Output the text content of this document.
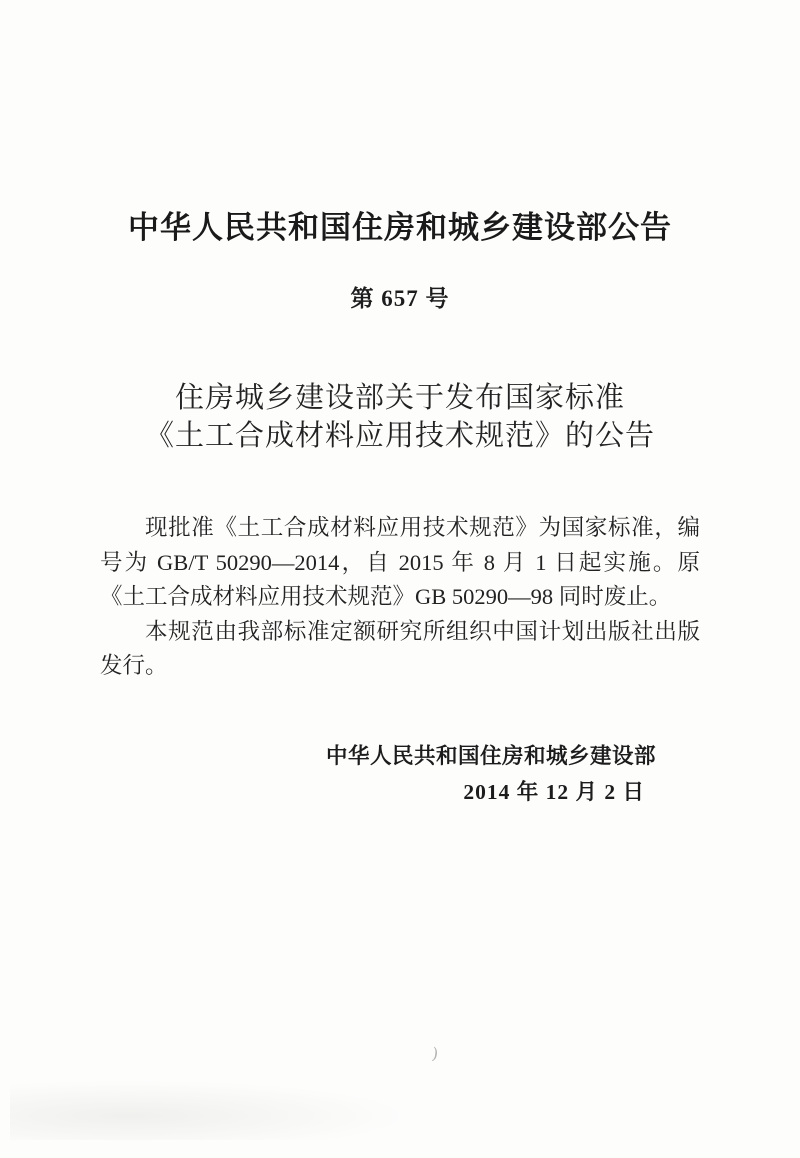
中华人民共和国住房和城乡建设部公告
第 657 号
住房城乡建设部关于发布国家标准
《土工合成材料应用技术规范》的公告

现批准《土工合成材料应用技术规范》为国家标准，编号为 GB/T 50290—2014，自 2015 年 8 月 1 日起实施。原《土工合成材料应用技术规范》GB 50290—98 同时废止。

本规范由我部标准定额研究所组织中国计划出版社出版发行。

中华人民共和国住房和城乡建设部
2014 年 12 月 2 日
)
